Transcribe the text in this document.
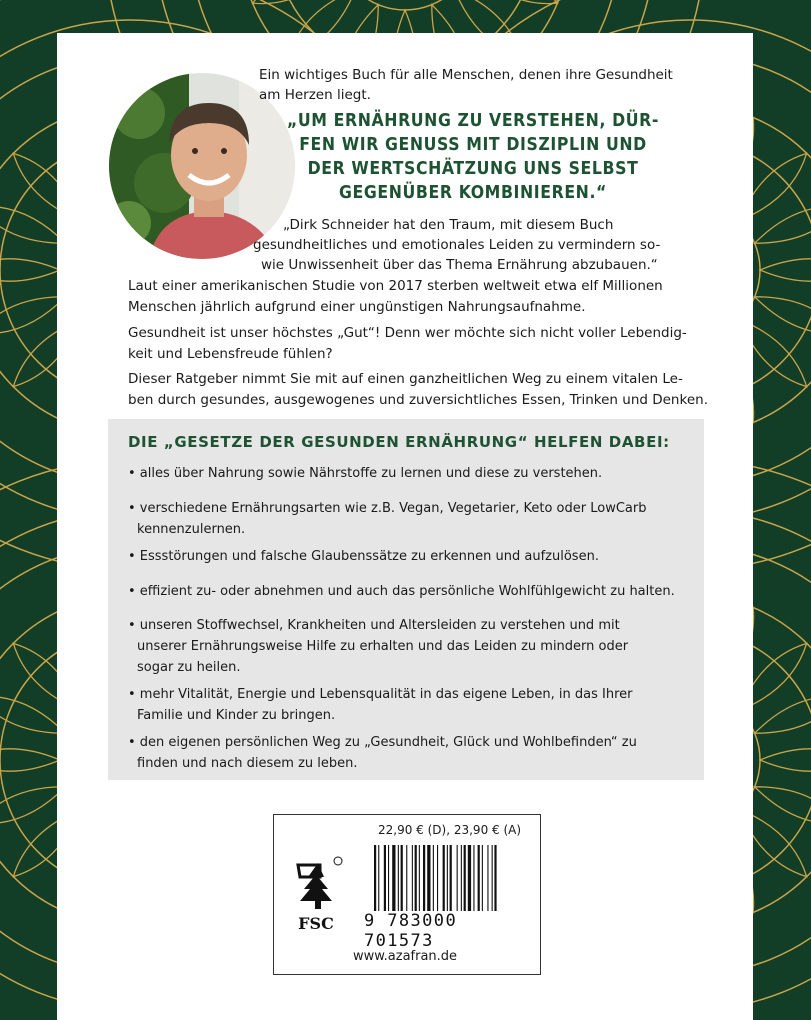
Ein wichtiges Buch für alle Menschen, denen ihre Gesundheit am Herzen liegt.
„UM ERNÄHRUNG ZU VERSTEHEN, DÜR-
FEN WIR GENUSS MIT DISZIPLIN UND
DER WERTSCHÄTZUNG UNS SELBST
GEGENÜBER KOMBINIEREN.“
„Dirk Schneider hat den Traum, mit diesem Buch
gesundheitliches und emotionales Leiden zu vermindern so-
wie Unwissenheit über das Thema Ernährung abzubauen.“
Laut einer amerikanischen Studie von 2017 sterben weltweit etwa elf Millionen
Menschen jährlich aufgrund einer ungünstigen Nahrungsaufnahme.
Gesundheit ist unser höchstes „Gut“! Denn wer möchte sich nicht voller Lebendig-
keit und Lebensfreude fühlen?
Dieser Ratgeber nimmt Sie mit auf einen ganzheitlichen Weg zu einem vitalen Le-
ben durch gesundes, ausgewogenes und zuversichtliches Essen, Trinken und Denken.
DIE „GESETZE DER GESUNDEN ERNÄHRUNG“ HELFEN DABEI:
• alles über Nahrung sowie Nährstoffe zu lernen und diese zu verstehen.
• verschiedene Ernährungsarten wie z.B. Vegan, Vegetarier, Keto oder LowCarb
kennenzulernen.
• Essstörungen und falsche Glaubenssätze zu erkennen und aufzulösen.
• effizient zu- oder abnehmen und auch das persönliche Wohlfühlgewicht zu halten.
• unseren Stoffwechsel, Krankheiten und Altersleiden zu verstehen und mit
unserer Ernährungsweise Hilfe zu erhalten und das Leiden zu mindern oder
sogar zu heilen.
• mehr Vitalität, Energie und Lebensqualität in das eigene Leben, in das Ihrer
Familie und Kinder zu bringen.
• den eigenen persönlichen Weg zu „Gesundheit, Glück und Wohlbefinden“ zu
finden und nach diesem zu leben.
22,90 € (D), 23,90 € (A)
FSC 9 783000 701573
www.azafran.de
